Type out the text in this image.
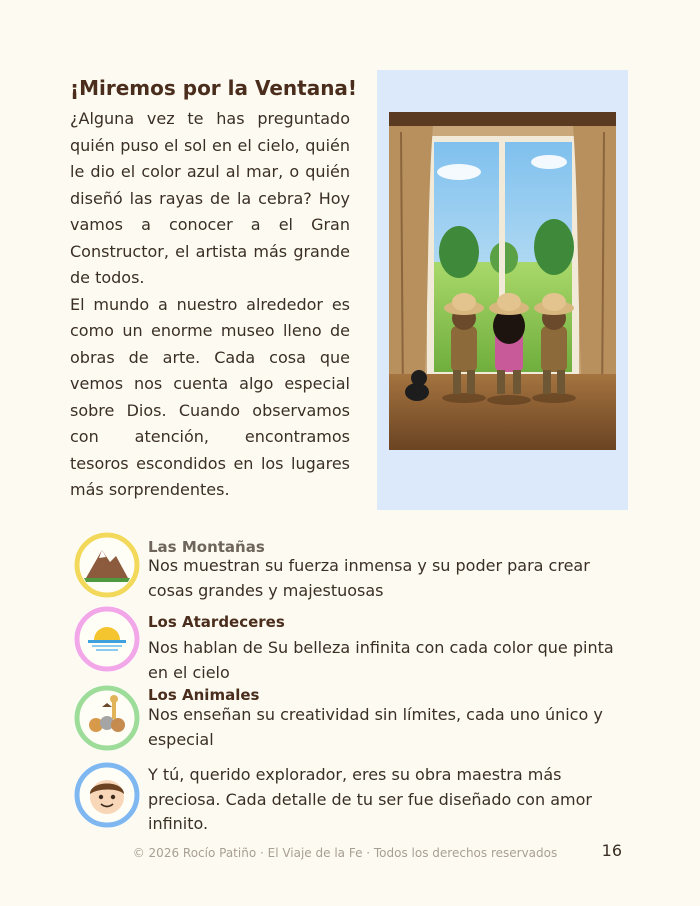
¡Miremos por la Ventana!

¿Alguna vez te has preguntado quién puso el sol en el cielo, quién le dio el color azul al mar, o quién diseñó las rayas de la cebra? Hoy vamos a conocer a el Gran Constructor, el artista más grande de todos.

El mundo a nuestro alrededor es como un enorme museo lleno de obras de arte. Cada cosa que vemos nos cuenta algo especial sobre Dios. Cuando observamos con atención, encontramos tesoros escondidos en los lugares más sorprendentes.

Las Montañas
Nos muestran su fuerza inmensa y su poder para crear cosas grandes y majestuosas
Los Atardeceres
Nos hablan de Su belleza infinita con cada color que pinta en el cielo
Los Animales
Nos enseñan su creatividad sin límites, cada uno único y especial
Y tú, querido explorador, eres su obra maestra más preciosa. Cada detalle de tu ser fue diseñado con amor infinito.
© 2026 Rocío Patiño · El Viaje de la Fe · Todos los derechos reservados	16
